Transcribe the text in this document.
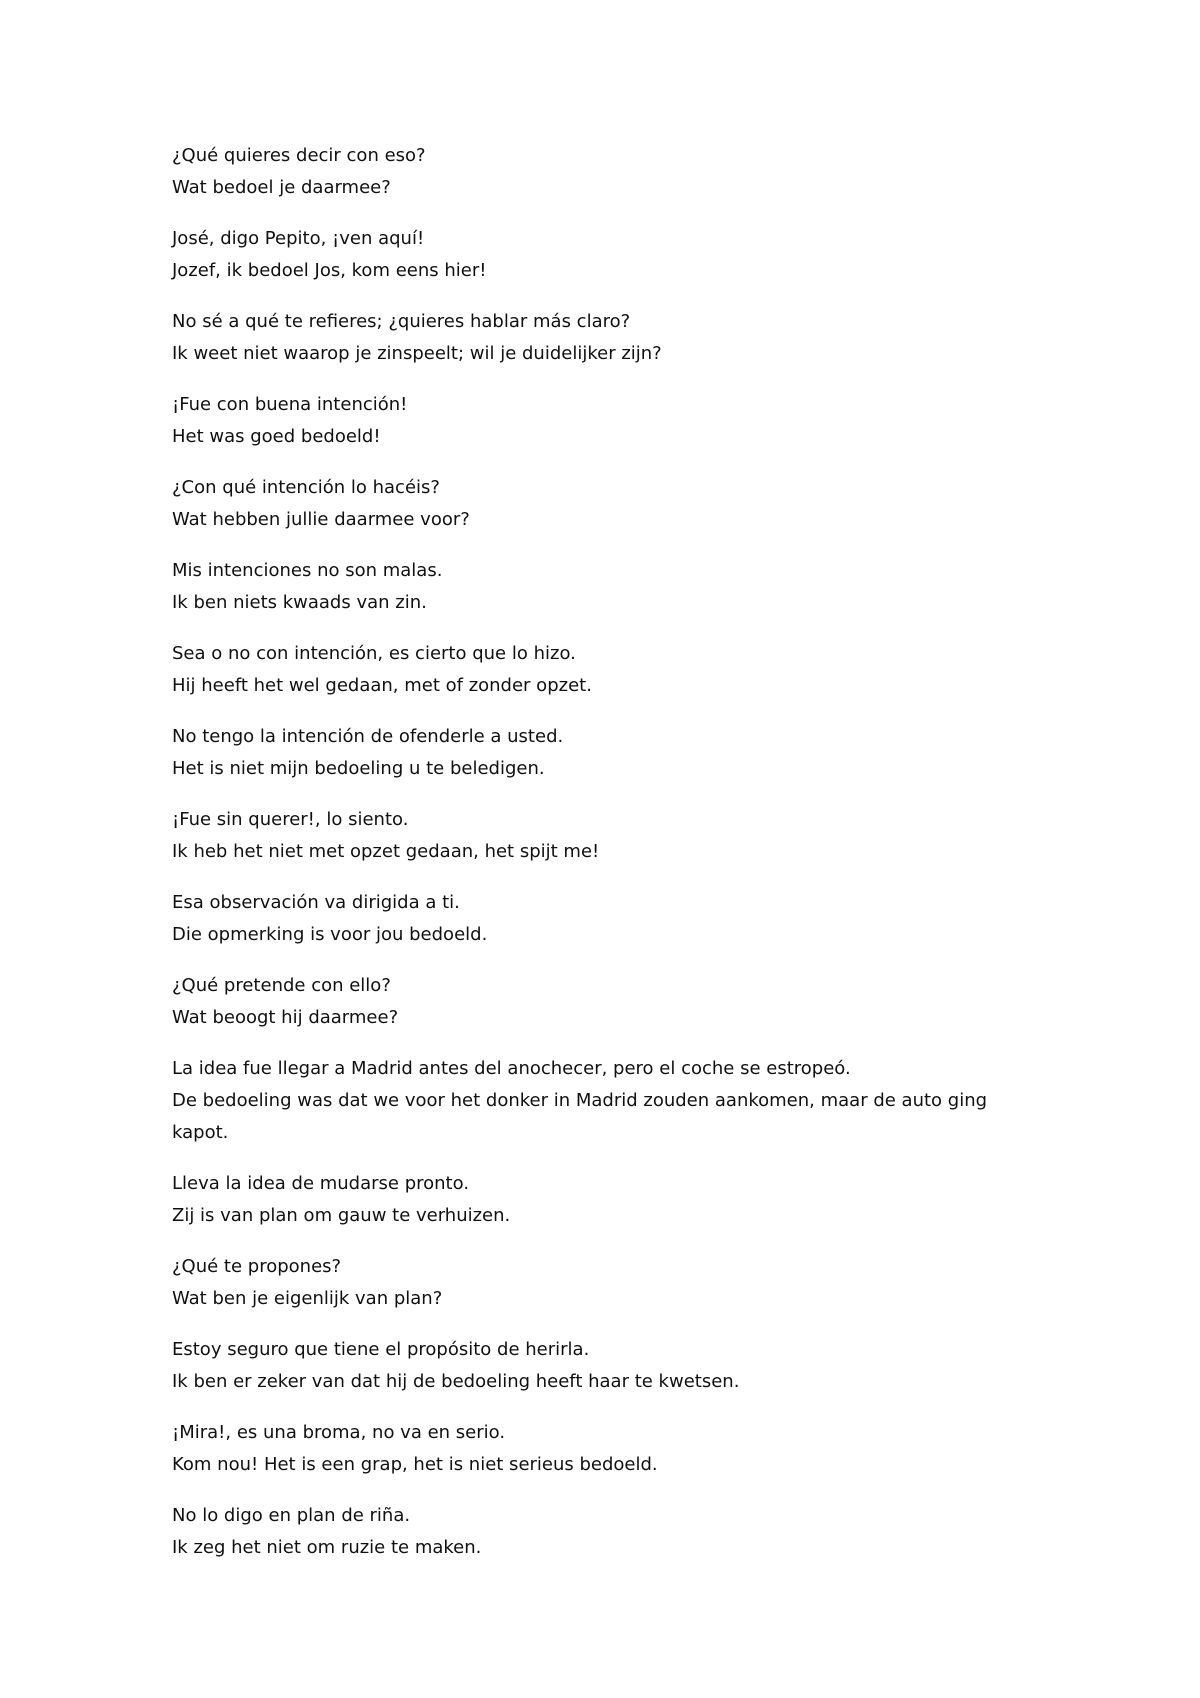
¿Qué quieres decir con eso?
Wat bedoel je daarmee?
José, digo Pepito, ¡ven aquí!
Jozef, ik bedoel Jos, kom eens hier!
No sé a qué te refieres; ¿quieres hablar más claro?
Ik weet niet waarop je zinspeelt; wil je duidelijker zijn?
¡Fue con buena intención!
Het was goed bedoeld!
¿Con qué intención lo hacéis?
Wat hebben jullie daarmee voor?
Mis intenciones no son malas.
Ik ben niets kwaads van zin.
Sea o no con intención, es cierto que lo hizo.
Hij heeft het wel gedaan, met of zonder opzet.
No tengo la intención de ofenderle a usted.
Het is niet mijn bedoeling u te beledigen.
¡Fue sin querer!, lo siento.
Ik heb het niet met opzet gedaan, het spijt me!
Esa observación va dirigida a ti.
Die opmerking is voor jou bedoeld.
¿Qué pretende con ello?
Wat beoogt hij daarmee?
La idea fue llegar a Madrid antes del anochecer, pero el coche se estropeó.
De bedoeling was dat we voor het donker in Madrid zouden aankomen, maar de auto ging kapot.
Lleva la idea de mudarse pronto.
Zij is van plan om gauw te verhuizen.
¿Qué te propones?
Wat ben je eigenlijk van plan?
Estoy seguro que tiene el propósito de herirla.
Ik ben er zeker van dat hij de bedoeling heeft haar te kwetsen.
¡Mira!, es una broma, no va en serio.
Kom nou! Het is een grap, het is niet serieus bedoeld.
No lo digo en plan de riña.
Ik zeg het niet om ruzie te maken.
